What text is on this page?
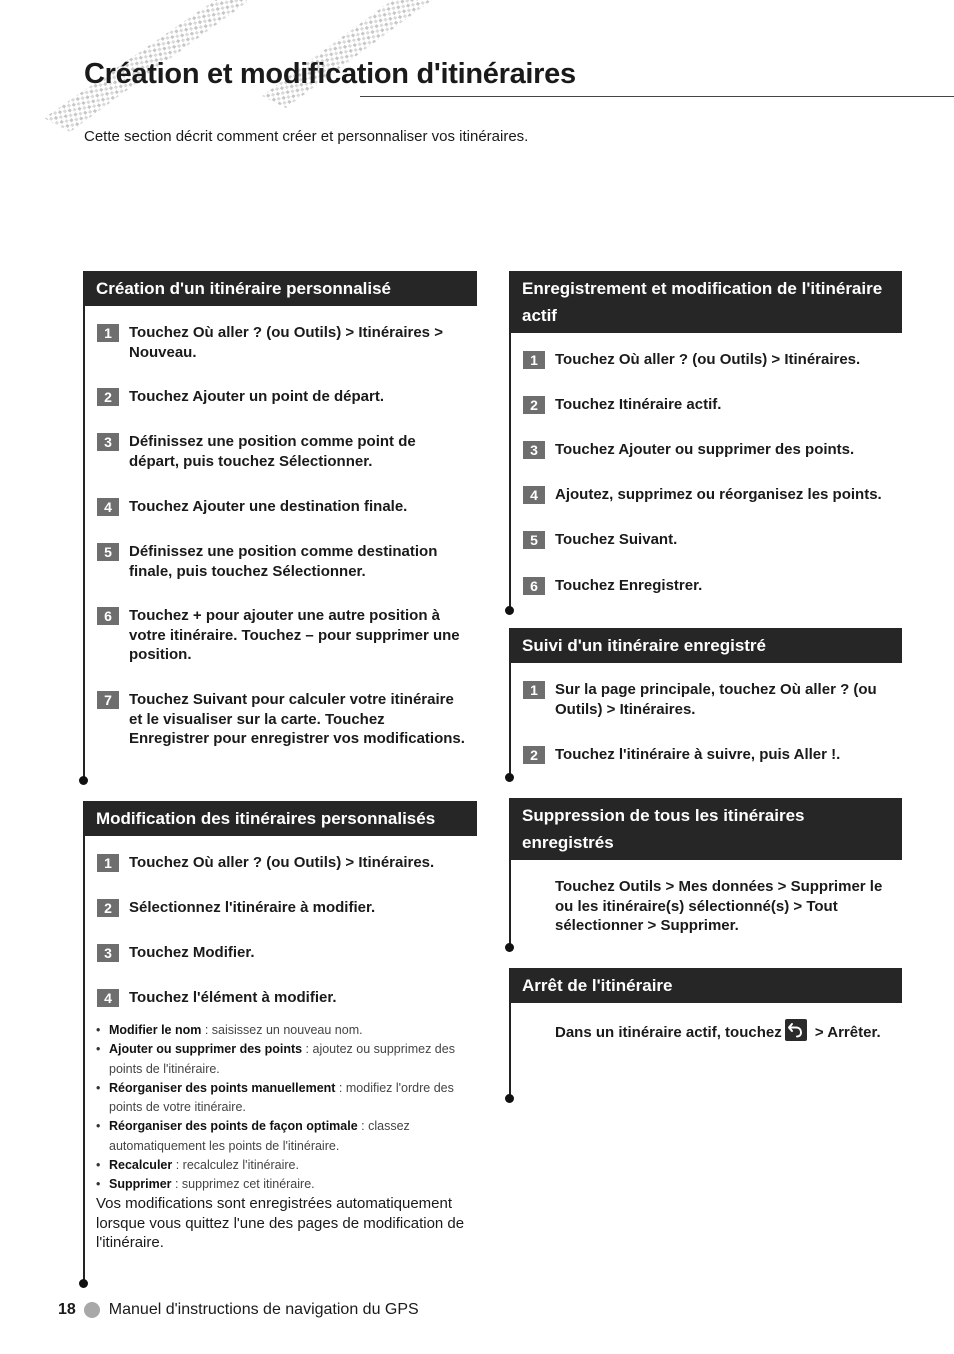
Création et modification d'itinéraires

Cette section décrit comment créer et personnaliser vos itinéraires.

Création d'un itinéraire personnalisé
1	Touchez Où aller ? (ou Outils) > Itinéraires > Nouveau.
2	Touchez Ajouter un point de départ.
3	Définissez une position comme point de départ, puis touchez Sélectionner.
4	Touchez Ajouter une destination finale.
5	Définissez une position comme destination finale, puis touchez Sélectionner.
6	Touchez + pour ajouter une autre position à votre itinéraire. Touchez – pour supprimer une position.
7	Touchez Suivant pour calculer votre itinéraire et le visualiser sur la carte. Touchez Enregistrer pour enregistrer vos modifications.
Modification des itinéraires personnalisés
1	Touchez Où aller ? (ou Outils) > Itinéraires.
2	Sélectionnez l'itinéraire à modifier.
3	Touchez Modifier.
4	Touchez l'élément à modifier.
• Modifier le nom : saisissez un nouveau nom.
• Ajouter ou supprimer des points : ajoutez ou supprimez des points de l'itinéraire.
• Réorganiser des points manuellement : modifiez l'ordre des points de votre itinéraire.
• Réorganiser des points de façon optimale : classez automatiquement les points de l'itinéraire.
• Recalculer : recalculez l'itinéraire.
• Supprimer : supprimez cet itinéraire.

Vos modifications sont enregistrées automatiquement lorsque vous quittez l'une des pages de modification de l'itinéraire.

Enregistrement et modification de l'itinéraire actif
1	Touchez Où aller ? (ou Outils) > Itinéraires.
2	Touchez Itinéraire actif.
3	Touchez Ajouter ou supprimer des points.
4	Ajoutez, supprimez ou réorganisez les points.
5	Touchez Suivant.
6	Touchez Enregistrer.
Suivi d'un itinéraire enregistré
1	Sur la page principale, touchez Où aller ? (ou Outils) > Itinéraires.
2	Touchez l'itinéraire à suivre, puis Aller !.
Suppression de tous les itinéraires enregistrés
Touchez Outils > Mes données > Supprimer le ou les itinéraire(s) sélectionné(s) > Tout sélectionner > Supprimer.
Arrêt de l'itinéraire
Dans un itinéraire actif, touchez
> Arrêter.
18 Manuel d'instructions de navigation du GPS
